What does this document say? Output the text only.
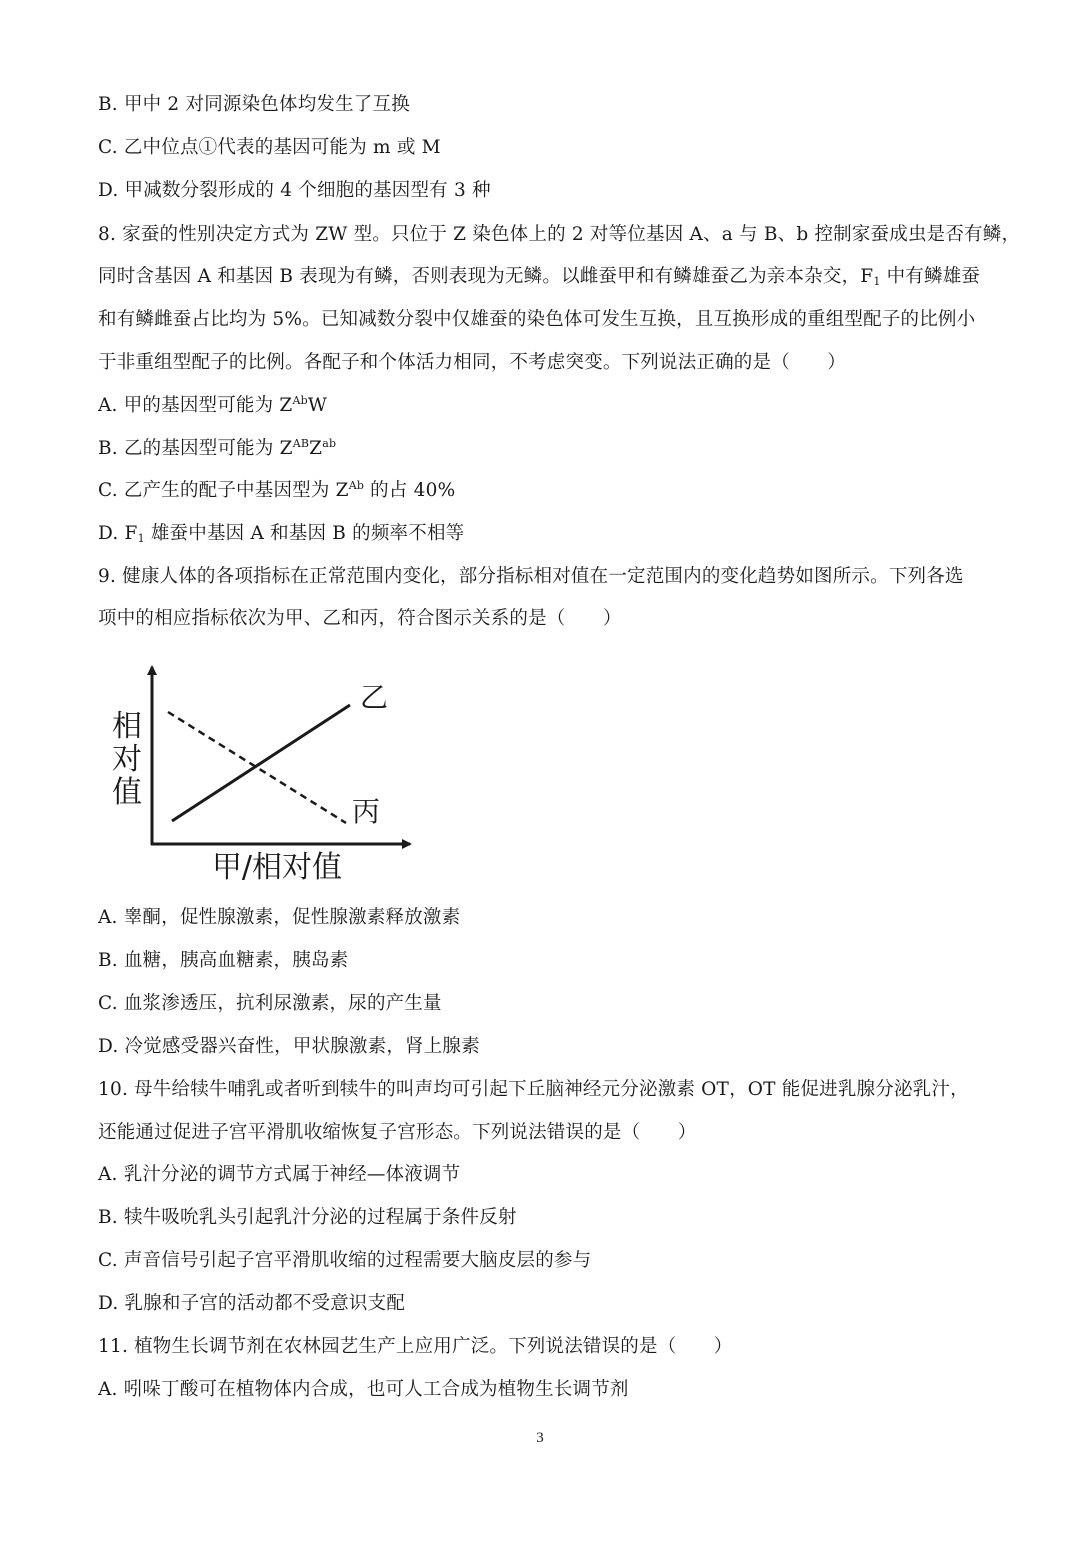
B. 甲中 2 对同源染色体均发生了互换
C. 乙中位点①代表的基因可能为 m 或 M
D. 甲减数分裂形成的 4 个细胞的基因型有 3 种
8. 家蚕的性别决定方式为 ZW 型。只位于 Z 染色体上的 2 对等位基因 A、a 与 B、b 控制家蚕成虫是否有鳞，
同时含基因 A 和基因 B 表现为有鳞，否则表现为无鳞。以雌蚕甲和有鳞雄蚕乙为亲本杂交，$F_1$ 中有鳞雄蚕
和有鳞雌蚕占比均为 5%。已知减数分裂中仅雄蚕的染色体可发生互换，且互换形成的重组型配子的比例小
于非重组型配子的比例。各配子和个体活力相同，不考虑突变。下列说法正确的是（　　）
A. 甲的基因型可能为 $Z^{Ab}W$
B. 乙的基因型可能为 $Z^{AB}Z^{ab}$
C. 乙产生的配子中基因型为 $Z^{Ab}$ 的占 40%
D. $F_1$ 雄蚕中基因 A 和基因 B 的频率不相等
9. 健康人体的各项指标在正常范围内变化，部分指标相对值在一定范围内的变化趋势如图所示。下列各选
项中的相应指标依次为甲、乙和丙，符合图示关系的是（　　）
相
对
值
甲/相对值
乙
丙
A. 睾酮，促性腺激素，促性腺激素释放激素
B. 血糖，胰高血糖素，胰岛素
C. 血浆渗透压，抗利尿激素，尿的产生量
D. 冷觉感受器兴奋性，甲状腺激素，肾上腺素
10. 母牛给犊牛哺乳或者听到犊牛的叫声均可引起下丘脑神经元分泌激素 OT，OT 能促进乳腺分泌乳汁，
还能通过促进子宫平滑肌收缩恢复子宫形态。下列说法错误的是（　　）
A. 乳汁分泌的调节方式属于神经—体液调节
B. 犊牛吸吮乳头引起乳汁分泌的过程属于条件反射
C. 声音信号引起子宫平滑肌收缩的过程需要大脑皮层的参与
D. 乳腺和子宫的活动都不受意识支配
11. 植物生长调节剂在农林园艺生产上应用广泛。下列说法错误的是（　　）
A. 吲哚丁酸可在植物体内合成，也可人工合成为植物生长调节剂
3
